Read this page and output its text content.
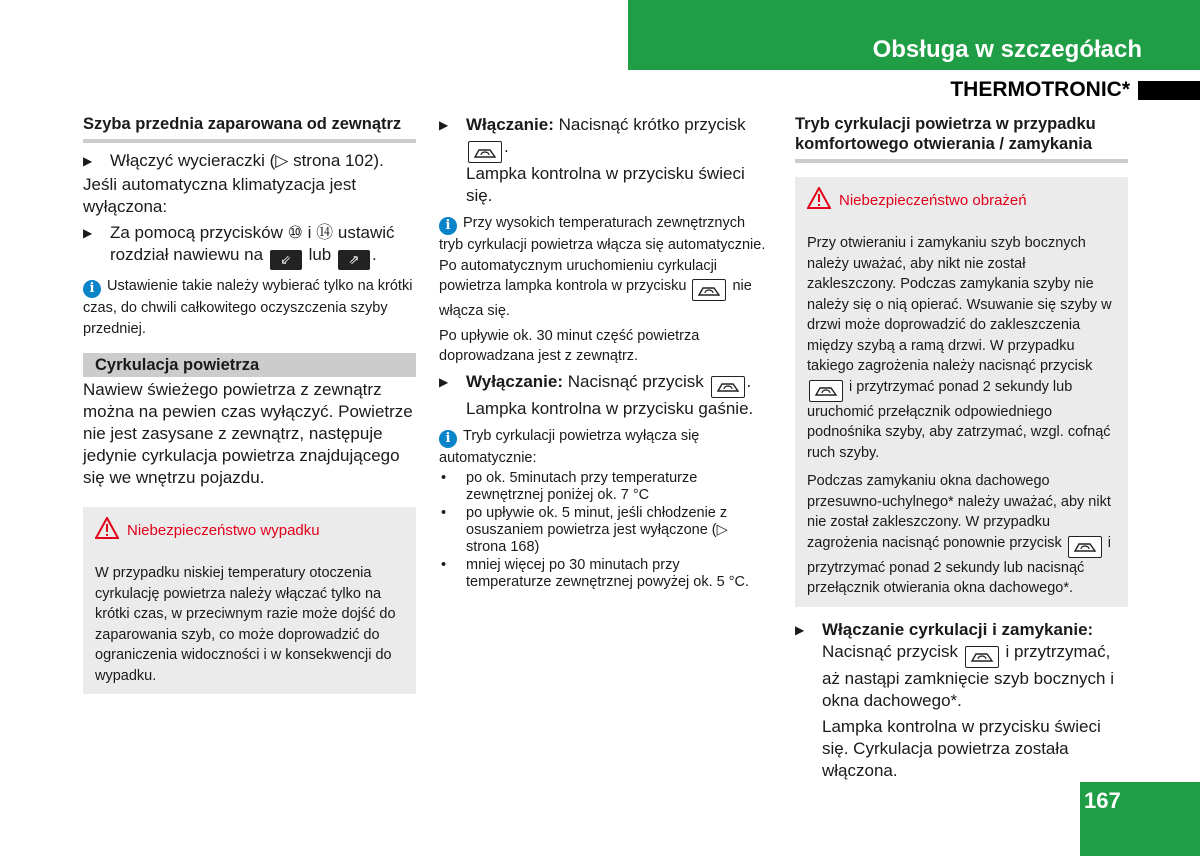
Obsługa w szczegółach
THERMOTRONIC*

Szyba przednia zaparowana od zewnątrz

▶ Włączyć wycieraczki (▷ strona 102).

Jeśli automatyczna klimatyzacja jest wyłączona:

▶ Za pomocą przycisków ⑩ i ⑭ ustawić rozdział nawiewu na ⇙ lub ⇗ .

i Ustawienie takie należy wybierać tylko na krótki czas, do chwili całkowitego oczyszczenia szyby przedniej.

Cyrkulacja powietrza

Nawiew świeżego powietrza z zewnątrz można na pewien czas wyłączyć. Powietrze nie jest zasysane z zewnątrz, następuje jedynie cyrkulacja powietrza znajdującego się we wnętrzu pojazdu.

Niebezpieczeństwo wypadku
W przypadku niskiej temperatury otoczenia cyrkulację powietrza należy włączać tylko na krótki czas, w przeciwnym razie może dojść do zaparowania szyb, co może doprowadzić do ograniczenia widoczności i w konsekwencji do wypadku.

▶ Włączanie: Nacisnąć krótko przycisk .

Lampka kontrolna w przycisku świeci się.

i Przy wysokich temperaturach zewnętrznych tryb cyrkulacji powietrza włącza się automatycznie. Po automatycznym uruchomieniu cyrkulacji powietrza lampka kontrola w przycisku	nie włącza się.

Po upływie ok. 30 minut część powietrza doprowadzana jest z zewnątrz.

▶ Wyłączanie: Nacisnąć przycisk	.

Lampka kontrolna w przycisku gaśnie.

i Tryb cyrkulacji powietrza wyłącza się automatycznie:

• po ok. 5minutach przy temperaturze zewnętrznej poniżej ok. 7 °C
• po upływie ok. 5 minut, jeśli chłodzenie z osuszaniem powietrza jest wyłączone (▷ strona 168)
• mniej więcej po 30 minutach przy temperaturze zewnętrznej powyżej ok. 5 °C.

Tryb cyrkulacji powietrza w przypadku komfortowego otwierania / zamykania

Niebezpieczeństwo obrażeń
Przy otwieraniu i zamykaniu szyb bocznych należy uważać, aby nikt nie został zakleszczony. Podczas zamykania szyby nie należy się o nią opierać. Wsuwanie się szyby w drzwi może doprowadzić do zakleszczenia między szybą a ramą drzwi. W przypadku takiego zagrożenia należy nacisnąć przycisk  i przytrzymać ponad 2 sekundy lub uruchomić przełącznik odpowiedniego podnośnika szyby, aby zatrzymać, wzgl. cofnąć ruch szyby.
Podczas zamykaniu okna dachowego przesuwno-uchylnego* należy uważać, aby nikt nie został zakleszczony. W przypadku zagrożenia nacisnąć ponownie przycisk	i przytrzymać ponad 2 sekundy lub nacisnąć przełącznik otwierania okna dachowego*.

▶ Włączanie cyrkulacji i zamykanie:
Nacisnąć przycisk	i przytrzymać, aż nastąpi zamknięcie szyb bocznych i okna dachowego*.

Lampka kontrolna w przycisku świeci się. Cyrkulacja powietrza została włączona.

167
